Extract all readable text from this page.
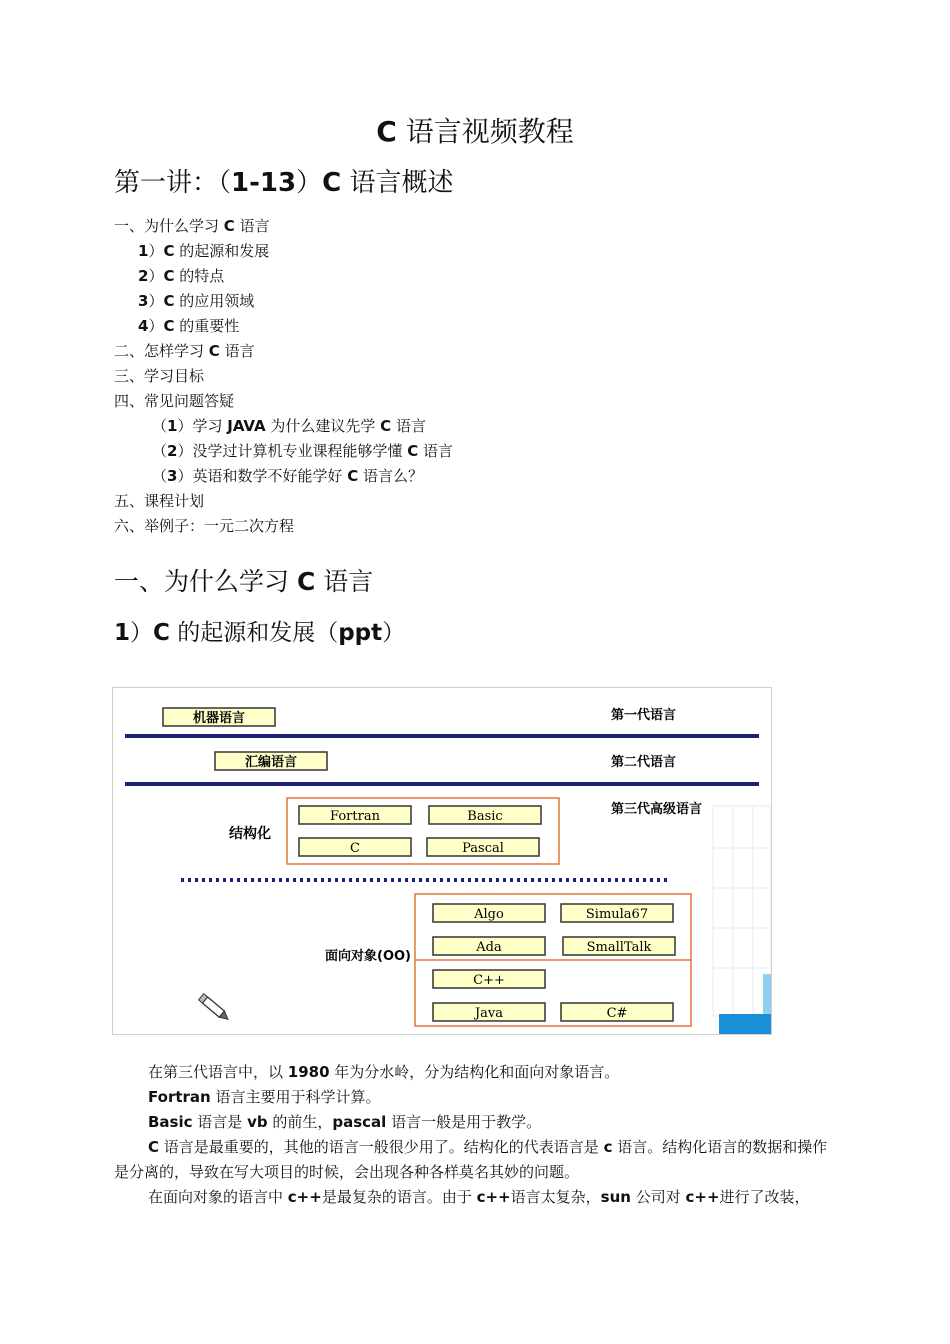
C 语言视频教程
第一讲：（1-13）C 语言概述
一、为什么学习 C 语言
1）C 的起源和发展
2）C 的特点
3）C 的应用领域
4）C 的重要性
二、怎样学习 C 语言
三、学习目标
四、常见问题答疑
（1）学习 JAVA 为什么建议先学 C 语言
（2）没学过计算机专业课程能够学懂 C 语言
（3）英语和数学不好能学好 C 语言么？
五、课程计划
六、举例子：一元二次方程
一、为什么学习 C 语言
1）C 的起源和发展（ppt）
机器语言
汇编语言
第一代语言
第二代语言
第三代高级语言
结构化
Fortran	Basic
C	Pascal
面向对象(OO)
Algo	Simula67
Ada	SmallTalk
C++
Java	C#

在第三代语言中，以 1980 年为分水岭，分为结构化和面向对象语言。

Fortran 语言主要用于科学计算。

Basic 语言是 vb 的前生，pascal 语言一般是用于教学。

C 语言是最重要的，其他的语言一般很少用了。结构化的代表语言是 c 语言。结构化语言的数据和操作是分离的，导致在写大项目的时候，会出现各种各样莫名其妙的问题。

在面向对象的语言中 c++是最复杂的语言。由于 c++语言太复杂，sun 公司对 c++进行了改装，
